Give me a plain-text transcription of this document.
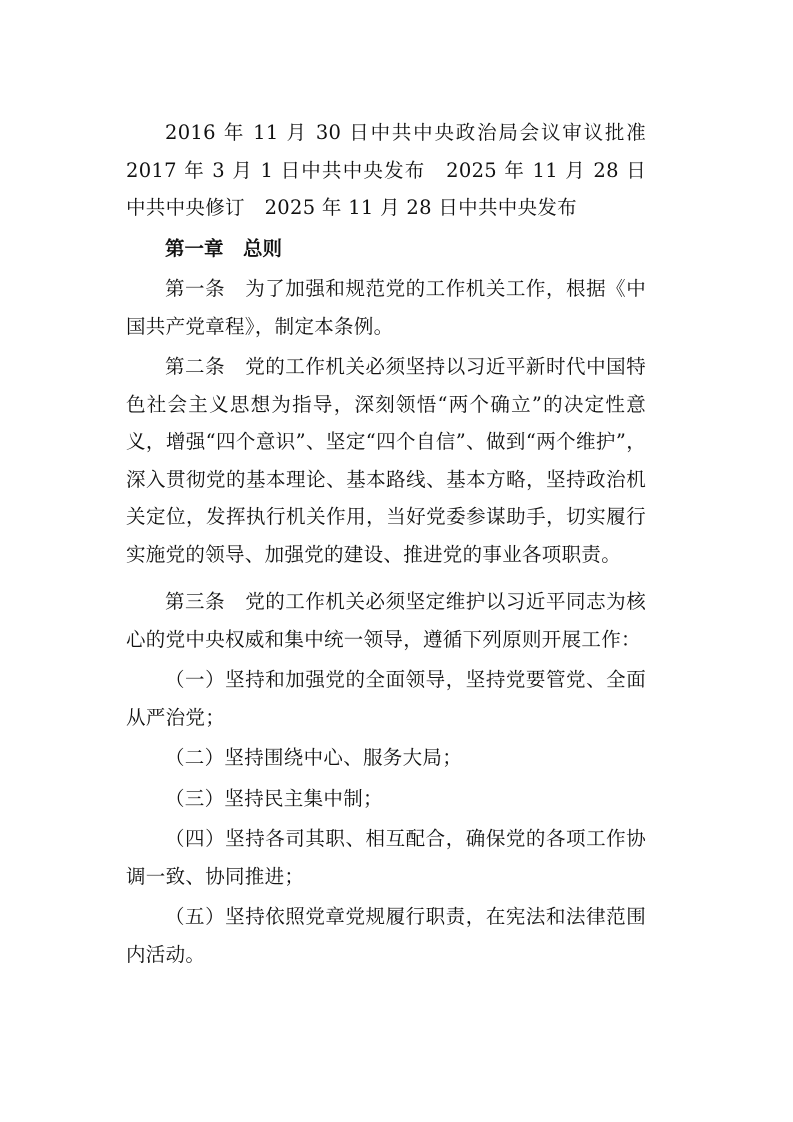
2016 年 11 月 30 日中共中央政治局会议审议批准 2017 年 3 月 1 日中共中央发布　2025 年 11 月 28 日中共中央修订　2025 年 11 月 28 日中共中央发布

第一章 总则

第一条　为了加强和规范党的工作机关工作，根据《中国共产党章程》，制定本条例。

第二条　党的工作机关必须坚持以习近平新时代中国特色社会主义思想为指导，深刻领悟“两个确立”的决定性意义，增强“四个意识”、坚定“四个自信”、做到“两个维护”，深入贯彻党的基本理论、基本路线、基本方略，坚持政治机关定位，发挥执行机关作用，当好党委参谋助手，切实履行实施党的领导、加强党的建设、推进党的事业各项职责。

第三条　党的工作机关必须坚定维护以习近平同志为核心的党中央权威和集中统一领导，遵循下列原则开展工作：

（一）坚持和加强党的全面领导，坚持党要管党、全面从严治党；

（二）坚持围绕中心、服务大局；

（三）坚持民主集中制；

（四）坚持各司其职、相互配合，确保党的各项工作协调一致、协同推进；

（五）坚持依照党章党规履行职责，在宪法和法律范围内活动。
